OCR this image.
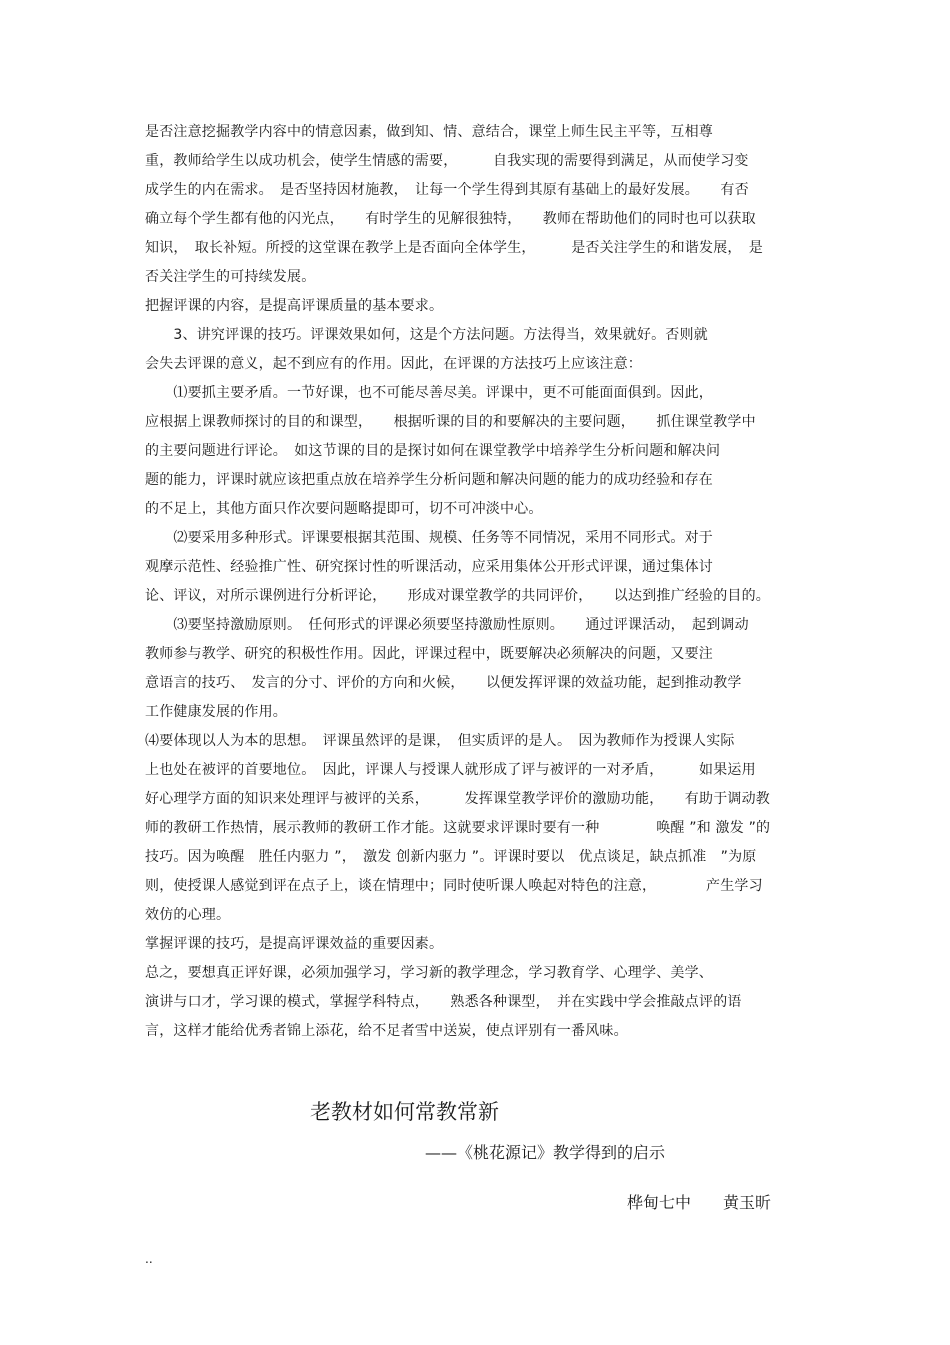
是否注意挖掘教学内容中的情意因素，做到知、情、意结合，课堂上师生民主平等，互相尊
重，教师给学生以成功机会，使学生情感的需要，　　　自我实现的需要得到满足，从而使学习变
成学生的内在需求。　是否坚持因材施教，　让每一个学生得到其原有基础上的最好发展。　　有否
确立每个学生都有他的闪光点，　　有时学生的见解很独特，　　教师在帮助他们的同时也可以获取
知识，　取长补短。所授的这堂课在教学上是否面向全体学生，　　　是否关注学生的和谐发展，　是
否关注学生的可持续发展。
把握评课的内容，是提高评课质量的基本要求。
　　3、讲究评课的技巧。评课效果如何，这是个方法问题。方法得当，效果就好。否则就
会失去评课的意义，起不到应有的作用。因此，在评课的方法技巧上应该注意：
　　⑴要抓主要矛盾。一节好课，也不可能尽善尽美。评课中，更不可能面面俱到。因此，
应根据上课教师探讨的目的和课型，　　根据听课的目的和要解决的主要问题，　　抓住课堂教学中
的主要问题进行评论。　如这节课的目的是探讨如何在课堂教学中培养学生分析问题和解决问
题的能力，评课时就应该把重点放在培养学生分析问题和解决问题的能力的成功经验和存在
的不足上，其他方面只作次要问题略提即可，切不可冲淡中心。
　　⑵要采用多种形式。评课要根据其范围、规模、任务等不同情况，采用不同形式。对于
观摩示范性、经验推广性、研究探讨性的听课活动，应采用集体公开形式评课，通过集体讨
论、评议，对所示课例进行分析评论，　　形成对课堂教学的共同评价，　　以达到推广经验的目的。
　　⑶要坚持激励原则。　任何形式的评课必须要坚持激励性原则。　　通过评课活动，　起到调动
教师参与教学、研究的积极性作用。因此，评课过程中，既要解决必须解决的问题，又要注
意语言的技巧、　发言的分寸、评价的方向和火候，　　以便发挥评课的效益功能，起到推动教学
工作健康发展的作用。
⑷要体现以人为本的思想。　评课虽然评的是课，　但实质评的是人。　因为教师作为授课人实际
上也处在被评的首要地位。　因此，评课人与授课人就形成了评与被评的一对矛盾，　　　如果运用
好心理学方面的知识来处理评与被评的关系，　　　发挥课堂教学评价的激励功能，　　有助于调动教
师的教研工作热情，展示教师的教研工作才能。这就要求评课时要有一种　　　　唤醒 ”和 激发 ”的
技巧。因为唤醒　胜任内驱力 ”，　激发 创新内驱力 ”。评课时要以　优点谈足，缺点抓准　”为原
则，使授课人感觉到评在点子上，谈在情理中；同时使听课人唤起对特色的注意，　　　　产生学习
效仿的心理。
掌握评课的技巧，是提高评课效益的重要因素。
总之，要想真正评好课，必须加强学习，学习新的教学理念，学习教育学、心理学、美学、
演讲与口才，学习课的模式，掌握学科特点，　　熟悉各种课型，　并在实践中学会推敲点评的语
言，这样才能给优秀者锦上添花，给不足者雪中送炭，使点评别有一番风味。
老教材如何常教常新
——《桃花源记》教学得到的启示
桦甸七中　　黄玉昕
..
